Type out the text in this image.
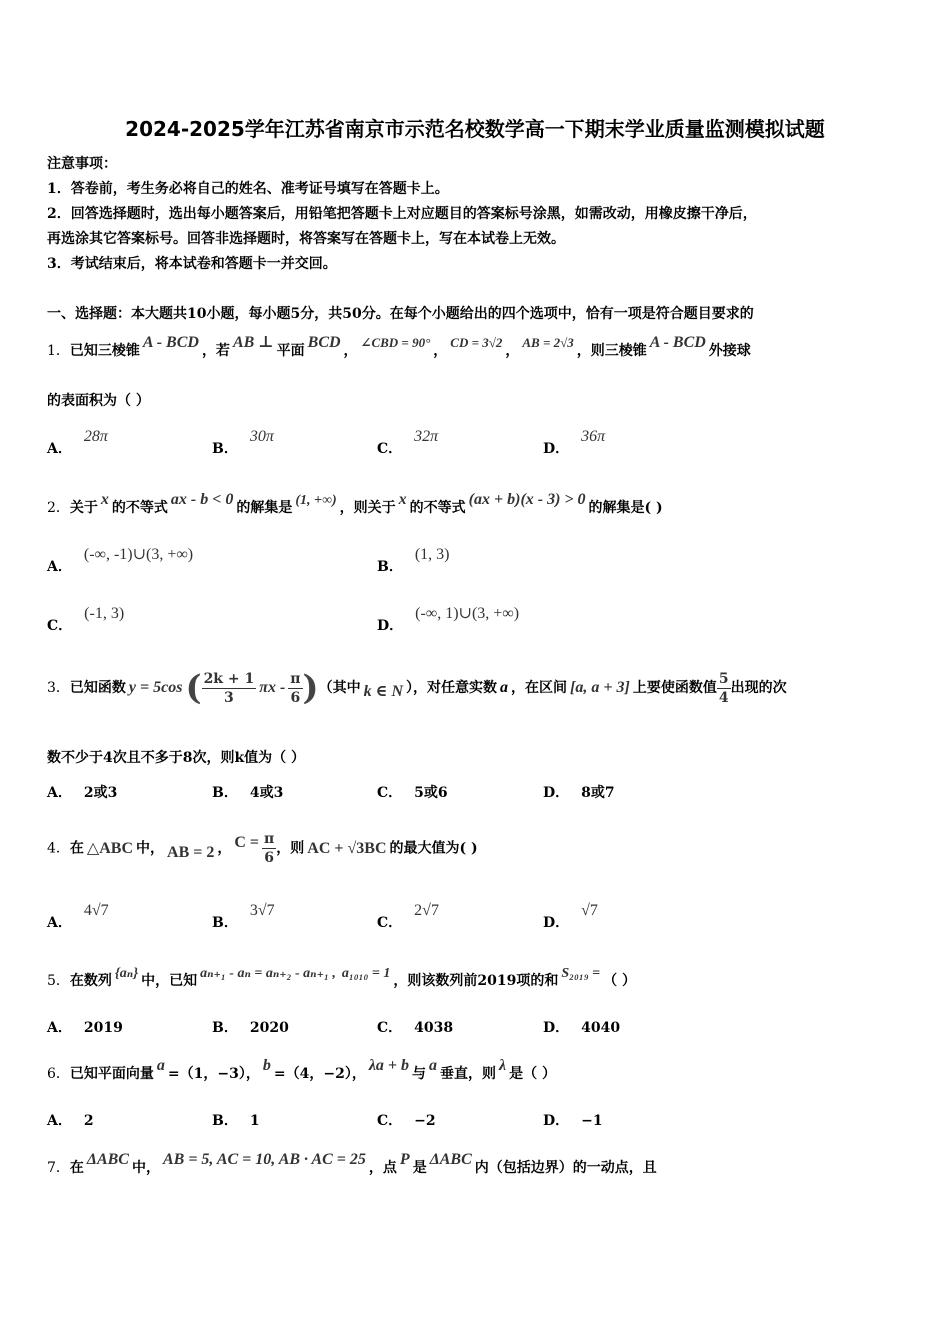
2024-2025学年江苏省南京市示范名校数学高一下期末学业质量监测模拟试题
注意事项：
1．答卷前，考生务必将自己的姓名、准考证号填写在答题卡上。
2．回答选择题时，选出每小题答案后，用铅笔把答题卡上对应题目的答案标号涂黑，如需改动，用橡皮擦干净后，
再选涂其它答案标号。回答非选择题时，将答案写在答题卡上，写在本试卷上无效。
3．考试结束后，将本试卷和答题卡一并交回。
一、选择题：本大题共10小题，每小题5分，共50分。在每个小题给出的四个选项中，恰有一项是符合题目要求的
1．已知三棱锥 A - BCD ，若 AB ⊥ 平面 BCD ，∠CBD = 90°，CD = 3√2，AB = 2√3，则三棱锥 A - BCD 外接球
的表面积为（ ）
A．28π
B．30π
C．32π
D．36π
2．关于 x 的不等式 ax - b < 0 的解集是 (1, +∞) ，则关于 x 的不等式 (ax + b)(x - 3) > 0 的解集是( )
A．(-∞, -1)∪(3, +∞)
B．(1, 3)
C．(-1, 3)
D．(-∞, 1)∪(3, +∞)
3．已知函数 $y = 5\cos( \frac{2k + 1}{3}$ πx - $\frac{\pi}{6}$ )（其中 k ∈ N ），对任意实数 a ，在区间 [a, a + 3] 上要使函数值 $\frac{5}{4}$ 出现的次
数不少于4次且不多于8次，则k值为（ ）
A． 2或3	B． 4或3	C． 5或6	D． 8或7
4．在 △ABC 中， AB = 2 ， $C = \frac{\pi}{6}$ ，则 AC + √3BC 的最大值为( )
A．4√7
B．3√7
C．2√7
D．√7
5．在数列 {aₙ} 中，已知 aₙ₊₁ - aₙ = aₙ₊₂ - aₙ₊₁ , a₁₀₁₀ = 1 ，则该数列前2019项的和 S₂₀₁₉ = （ ）
A． 2019	B． 2020	C． 4038	D． 4040
6．已知平面向量 a =（1，−3）， b =（4，−2）， λa + b 与 a 垂直，则 λ 是（ ）
A． 2	B． 1	C． −2	D． −1
7．在 ΔABC 中， AB = 5, AC = 10, AB · AC = 25 ，点 P 是 ΔABC 内（包括边界）的一动点，且
